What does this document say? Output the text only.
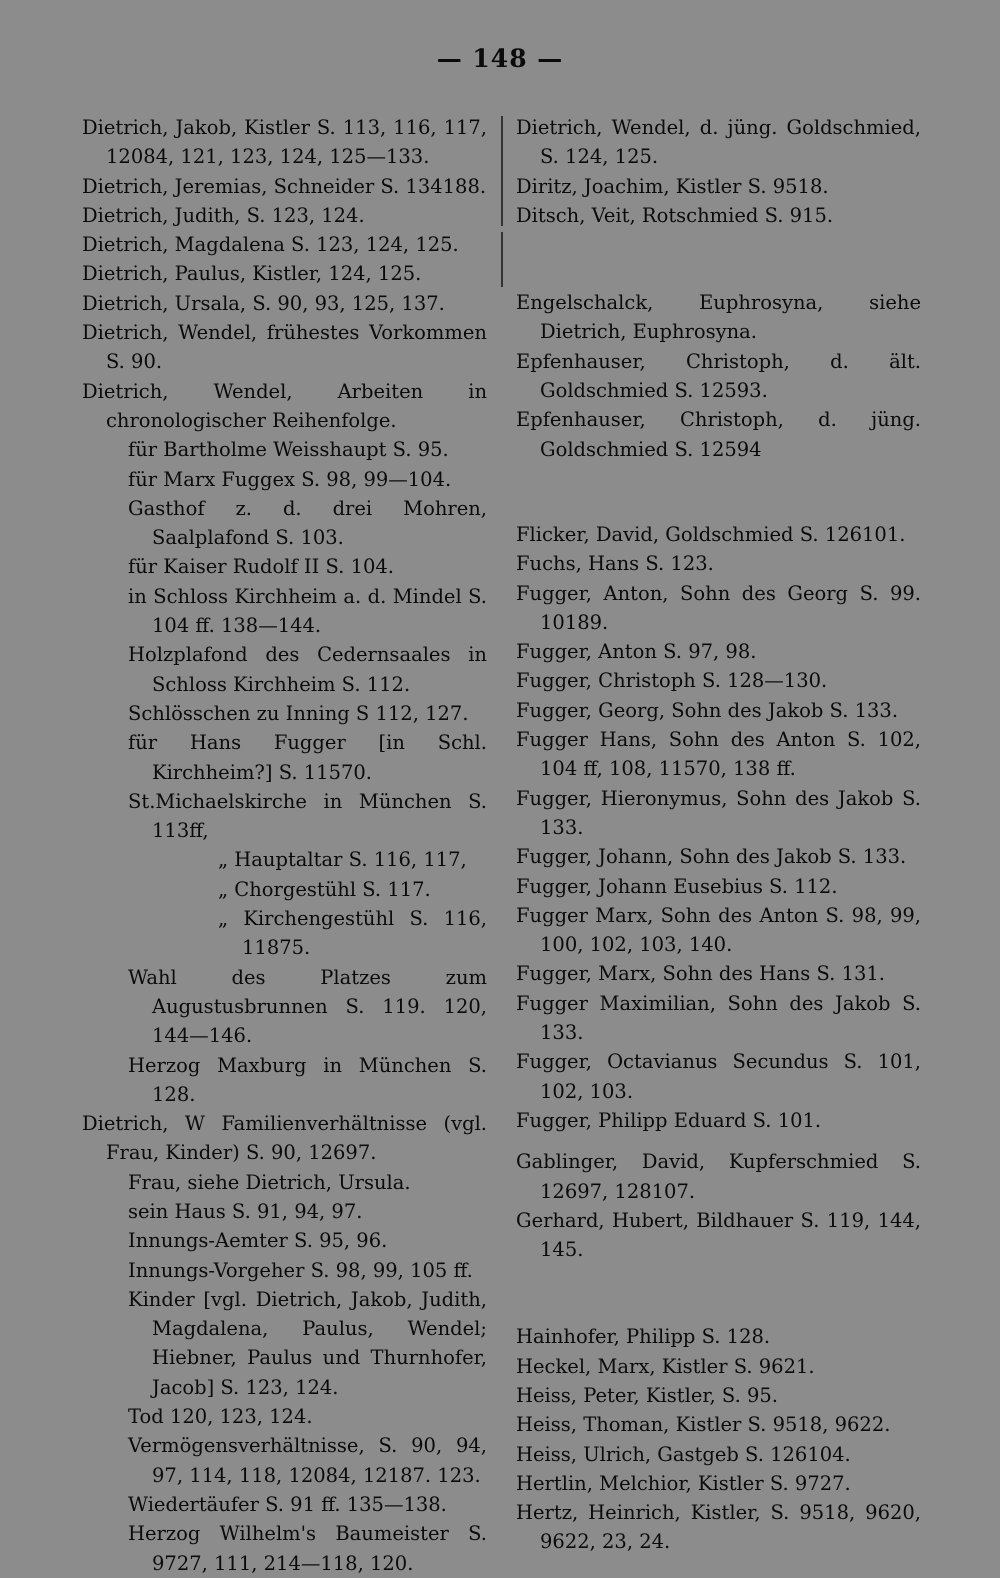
— 148 —

Dietrich, Jakob, Kistler S. 113, 116, 117, 12084, 121, 123, 124, 125—133.

Dietrich, Jeremias, Schneider S. 134188.

Dietrich, Judith, S. 123, 124.

Dietrich, Magdalena S. 123, 124, 125.

Dietrich, Paulus, Kistler, 124, 125.

Dietrich, Ursala, S. 90, 93, 125, 137.

Dietrich, Wendel, frühestes Vorkommen S. 90.

Dietrich, Wendel, Arbeiten in chronologischer Reihenfolge.

für Bartholme Weisshaupt S. 95.

für Marx Fuggex S. 98, 99—104.

Gasthof z. d. drei Mohren, Saalplafond S. 103.

für Kaiser Rudolf II S. 104.

in Schloss Kirchheim a. d. Mindel S. 104 ff. 138—144.

Holzplafond des Cedernsaales in Schloss Kirchheim S. 112.

Schlösschen zu Inning S 112, 127.

für Hans Fugger [in Schl. Kirchheim?] S. 11570.

St.Michaelskirche in München S. 113ff,

„ Hauptaltar S. 116, 117,

„ Chorgestühl S. 117.

„ Kirchengestühl S. 116, 11875.

Wahl des Platzes zum Augustusbrunnen S. 119. 120, 144—146.

Herzog Maxburg in München S. 128.

Dietrich, W Familienverhältnisse (vgl. Frau, Kinder) S. 90, 12697.

Frau, siehe Dietrich, Ursula.

sein Haus S. 91, 94, 97.

Innungs-Aemter S. 95, 96.

Innungs-Vorgeher S. 98, 99, 105 ff.

Kinder [vgl. Dietrich, Jakob, Judith, Magdalena, Paulus, Wendel; Hiebner, Paulus und Thurnhofer, Jacob] S. 123, 124.

Tod 120, 123, 124.

Vermögensverhältnisse, S. 90, 94, 97, 114, 118, 12084, 12187. 123.

Wiedertäufer S. 91 ff. 135—138.

Herzog Wilhelm's Baumeister S. 9727, 111, 214—118, 120.

Dietrich, Wendel, d. jüng. Goldschmied, S. 124, 125.

Diritz, Joachim, Kistler S. 9518.

Ditsch, Veit, Rotschmied S. 915.

Engelschalck, Euphrosyna, siehe Dietrich, Euphrosyna.

Epfenhauser, Christoph, d. ält. Goldschmied S. 12593.

Epfenhauser, Christoph, d. jüng. Goldschmied S. 12594

Flicker, David, Goldschmied S. 126101.

Fuchs, Hans S. 123.

Fugger, Anton, Sohn des Georg S. 99. 10189.

Fugger, Anton S. 97, 98.

Fugger, Christoph S. 128—130.

Fugger, Georg, Sohn des Jakob S. 133.

Fugger Hans, Sohn des Anton S. 102, 104 ff, 108, 11570, 138 ff.

Fugger, Hieronymus, Sohn des Jakob S. 133.

Fugger, Johann, Sohn des Jakob S. 133.

Fugger, Johann Eusebius S. 112.

Fugger Marx, Sohn des Anton S. 98, 99, 100, 102, 103, 140.

Fugger, Marx, Sohn des Hans S. 131.

Fugger Maximilian, Sohn des Jakob S. 133.

Fugger, Octavianus Secundus S. 101, 102, 103.

Fugger, Philipp Eduard S. 101.

Gablinger, David, Kupferschmied S. 12697, 128107.

Gerhard, Hubert, Bildhauer S. 119, 144, 145.

Hainhofer, Philipp S. 128.

Heckel, Marx, Kistler S. 9621.

Heiss, Peter, Kistler, S. 95.

Heiss, Thoman, Kistler S. 9518, 9622.

Heiss, Ulrich, Gastgeb S. 126104.

Hertlin, Melchior, Kistler S. 9727.

Hertz, Heinrich, Kistler, S. 9518, 9620, 9622, 23, 24.
